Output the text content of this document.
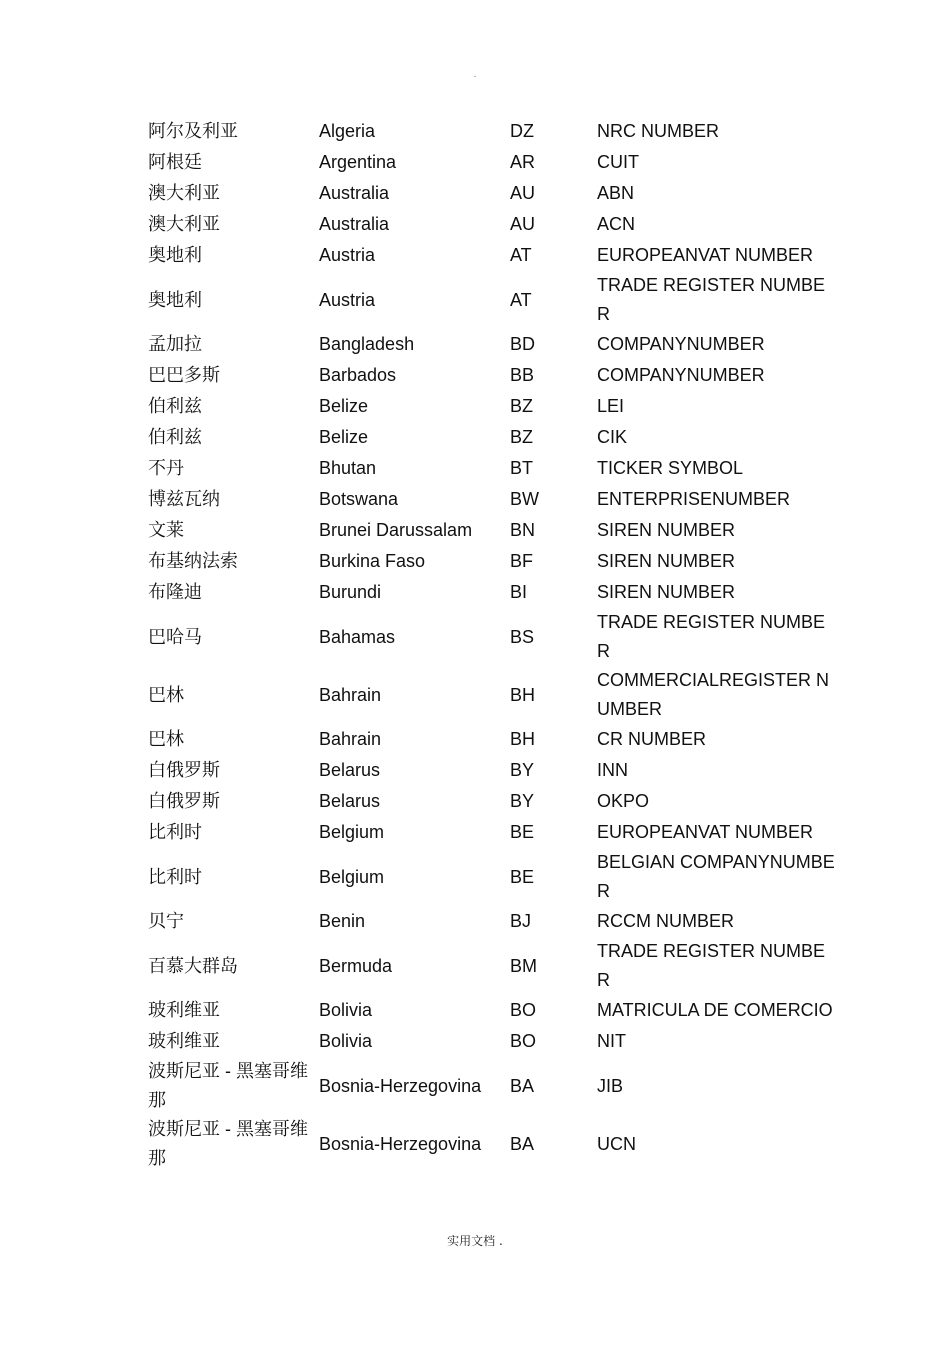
.
阿尔及利亚	Algeria	DZ	NRC NUMBER
阿根廷	Argentina	AR	CUIT
澳大利亚	Australia	AU	ABN
澳大利亚	Australia	AU	ACN
奥地利	Austria	AT	EUROPEANVAT NUMBER
奥地利	Austria	AT	TRADE REGISTER NUMBER
孟加拉	Bangladesh	BD	COMPANYNUMBER
巴巴多斯	Barbados	BB	COMPANYNUMBER
伯利兹	Belize	BZ	LEI
伯利兹	Belize	BZ	CIK
不丹	Bhutan	BT	TICKER SYMBOL
博兹瓦纳	Botswana	BW	ENTERPRISENUMBER
文莱	Brunei Darussalam	BN	SIREN NUMBER
布基纳法索	Burkina Faso	BF	SIREN NUMBER
布隆迪	Burundi	BI	SIREN NUMBER
巴哈马	Bahamas	BS	TRADE REGISTER NUMBER
巴林	Bahrain	BH	COMMERCIALREGISTER NUMBER
巴林	Bahrain	BH	CR NUMBER
白俄罗斯	Belarus	BY	INN
白俄罗斯	Belarus	BY	OKPO
比利时	Belgium	BE	EUROPEANVAT NUMBER
比利时	Belgium	BE	BELGIAN COMPANYNUMBER
贝宁	Benin	BJ	RCCM NUMBER
百慕大群岛	Bermuda	BM	TRADE REGISTER NUMBER
玻利维亚	Bolivia	BO	MATRICULA DE COMERCIO
玻利维亚	Bolivia	BO	NIT
波斯尼亚 - 黑塞哥维那	Bosnia-Herzegovina	BA	JIB
波斯尼亚 - 黑塞哥维那	Bosnia-Herzegovina	BA	UCN
实用文档 .
